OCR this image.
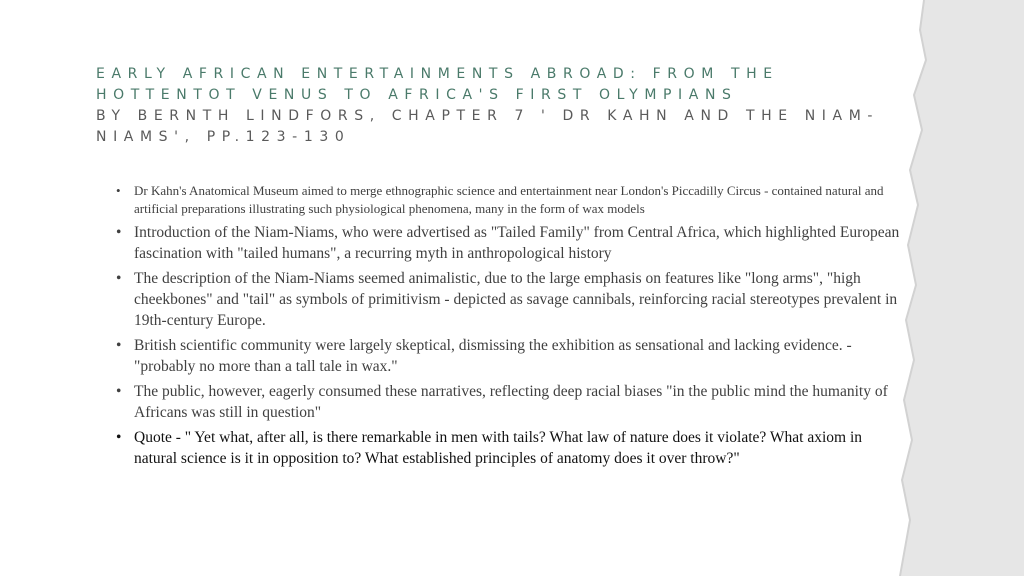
EARLY AFRICAN ENTERTAINMENTS ABROAD: FROM THE

HOTTENTOT VENUS TO AFRICA'S FIRST OLYMPIANS

BY BERNTH LINDFORS, CHAPTER 7 ' DR KAHN AND THE NIAM-NIAMS', PP.123-130

• Dr Kahn's Anatomical Museum aimed to merge ethnographic science and entertainment near London's Piccadilly Circus - contained natural and artificial preparations illustrating such physiological phenomena, many in the form of wax models
• Introduction of the Niam-Niams, who were advertised as "Tailed Family" from Central Africa, which highlighted European fascination with "tailed humans", a recurring myth in anthropological history
• The description of the Niam-Niams seemed animalistic, due to the large emphasis on features like "long arms", "high cheekbones" and "tail" as symbols of primitivism - depicted as savage cannibals, reinforcing racial stereotypes prevalent in 19th-century Europe.
• British scientific community were largely skeptical, dismissing the exhibition as sensational and lacking evidence. - "probably no more than a tall tale in wax."
• The public, however, eagerly consumed these narratives, reflecting deep racial biases "in the public mind the humanity of Africans was still in question"
• Quote - " Yet what, after all, is there remarkable in men with tails? What law of nature does it violate? What axiom in natural science is it in opposition to? What established principles of anatomy does it over throw?"
